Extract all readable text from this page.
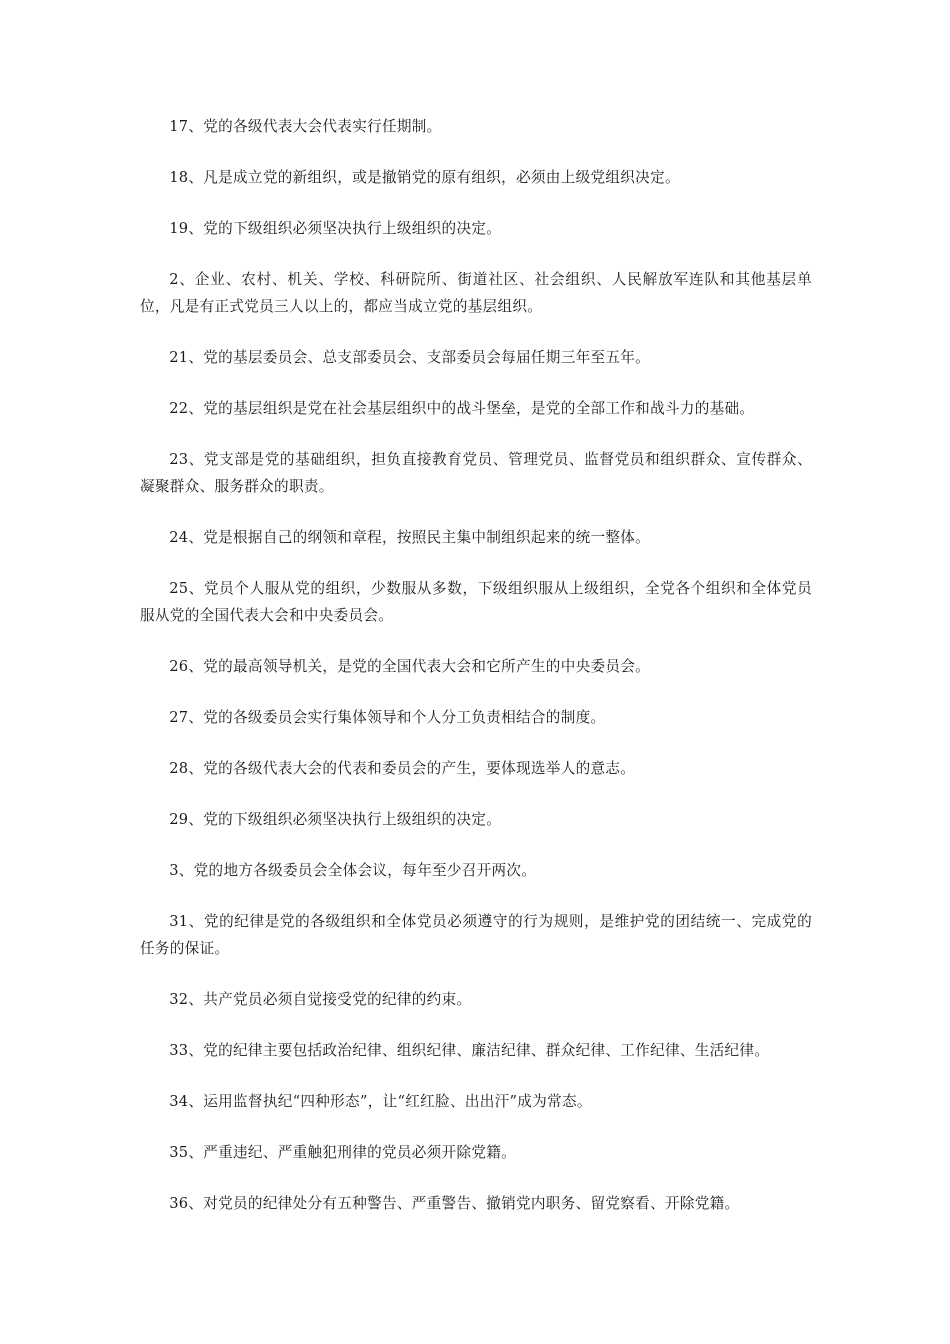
17、党的各级代表大会代表实行任期制。

18、凡是成立党的新组织，或是撤销党的原有组织，必须由上级党组织决定。

19、党的下级组织必须坚决执行上级组织的决定。

2、企业、农村、机关、学校、科研院所、街道社区、社会组织、人民解放军连队和其他基层单位，凡是有正式党员三人以上的，都应当成立党的基层组织。

21、党的基层委员会、总支部委员会、支部委员会每届任期三年至五年。

22、党的基层组织是党在社会基层组织中的战斗堡垒，是党的全部工作和战斗力的基础。

23、党支部是党的基础组织，担负直接教育党员、管理党员、监督党员和组织群众、宣传群众、凝聚群众、服务群众的职责。

24、党是根据自己的纲领和章程，按照民主集中制组织起来的统一整体。

25、党员个人服从党的组织，少数服从多数，下级组织服从上级组织，全党各个组织和全体党员服从党的全国代表大会和中央委员会。

26、党的最高领导机关，是党的全国代表大会和它所产生的中央委员会。

27、党的各级委员会实行集体领导和个人分工负责相结合的制度。

28、党的各级代表大会的代表和委员会的产生，要体现选举人的意志。

29、党的下级组织必须坚决执行上级组织的决定。

3、党的地方各级委员会全体会议，每年至少召开两次。

31、党的纪律是党的各级组织和全体党员必须遵守的行为规则，是维护党的团结统一、完成党的任务的保证。

32、共产党员必须自觉接受党的纪律的约束。

33、党的纪律主要包括政治纪律、组织纪律、廉洁纪律、群众纪律、工作纪律、生活纪律。

34、运用监督执纪“四种形态”，让“红红脸、出出汗”成为常态。

35、严重违纪、严重触犯刑律的党员必须开除党籍。

36、对党员的纪律处分有五种警告、严重警告、撤销党内职务、留党察看、开除党籍。
